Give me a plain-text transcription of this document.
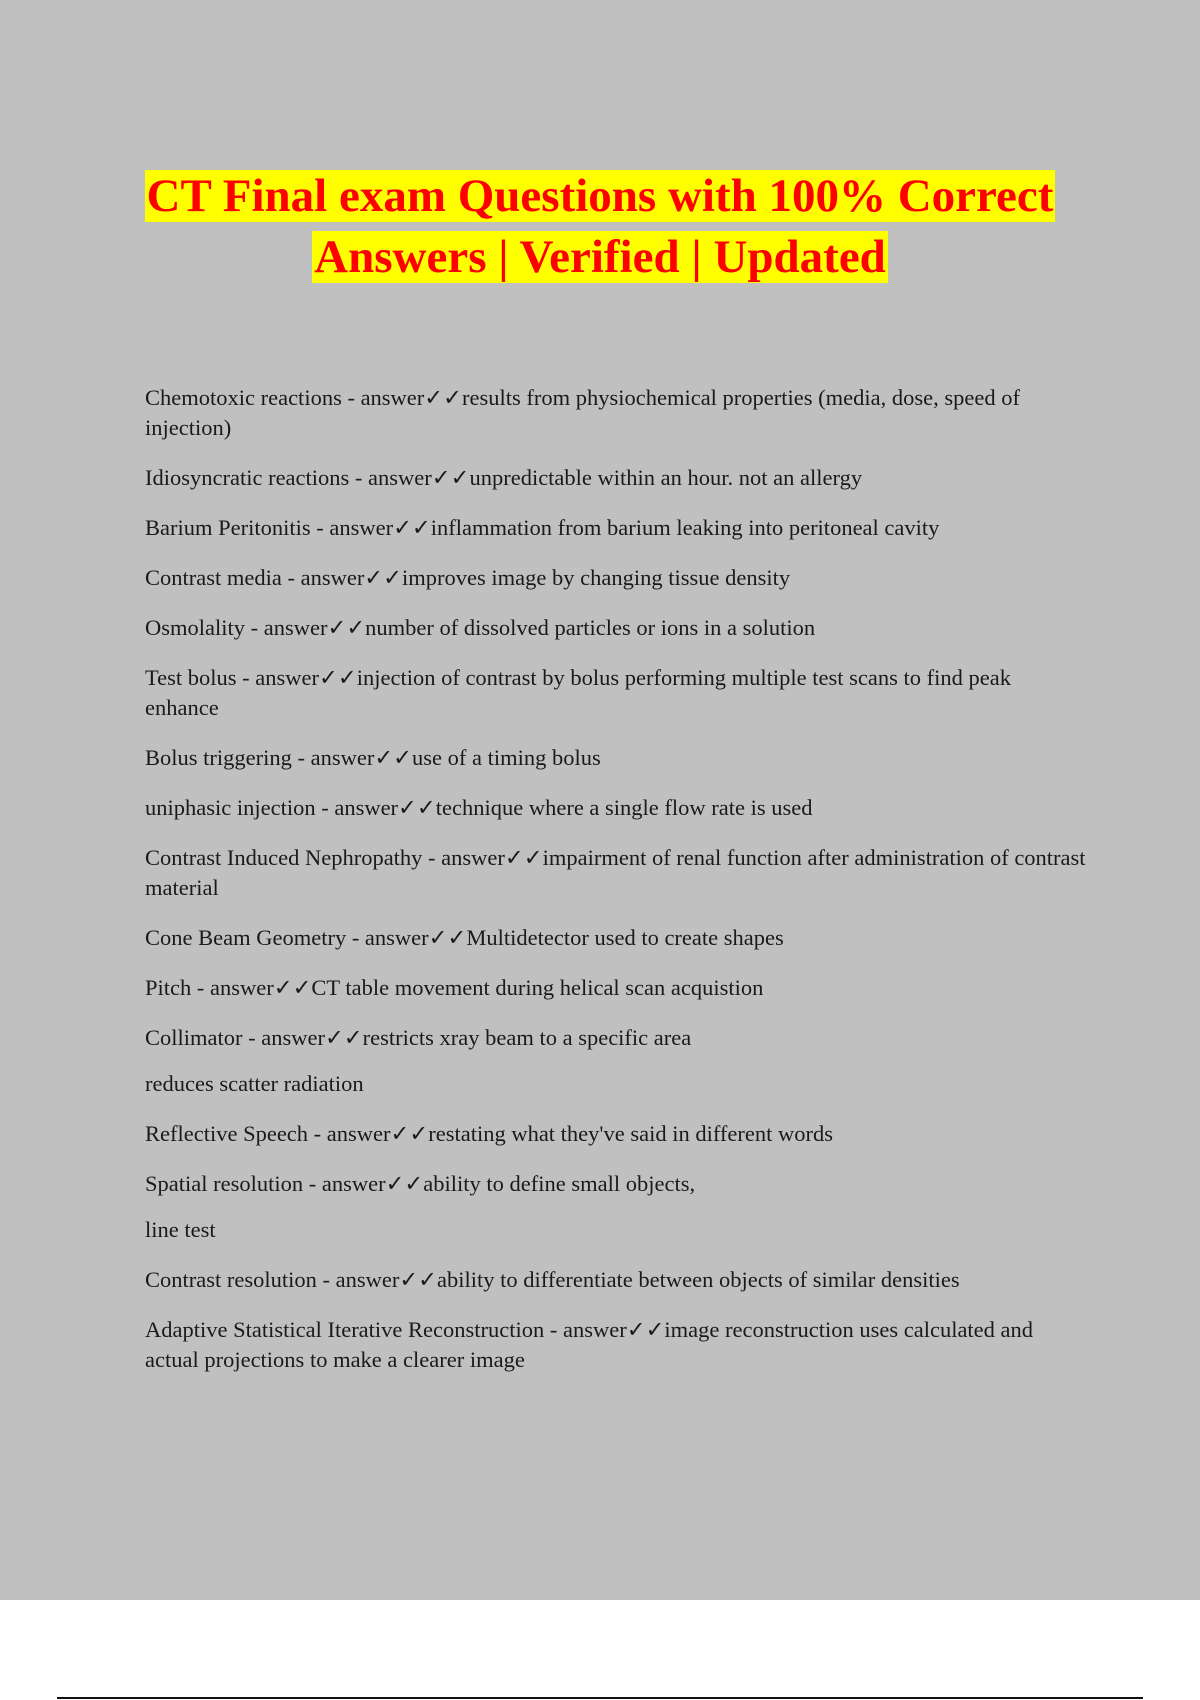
CT Final exam Questions with 100% Correct
Answers | Verified | Updated
Chemotoxic reactions - answer✓✓results from physiochemical properties (media, dose, speed of injection)
Idiosyncratic reactions - answer✓✓unpredictable within an hour. not an allergy
Barium Peritonitis - answer✓✓inflammation from barium leaking into peritoneal cavity
Contrast media - answer✓✓improves image by changing tissue density
Osmolality - answer✓✓number of dissolved particles or ions in a solution
Test bolus - answer✓✓injection of contrast by bolus performing multiple test scans to find peak enhance
Bolus triggering - answer✓✓use of a timing bolus
uniphasic injection - answer✓✓technique where a single flow rate is used
Contrast Induced Nephropathy - answer✓✓impairment of renal function after administration of contrast material
Cone Beam Geometry - answer✓✓Multidetector used to create shapes
Pitch - answer✓✓CT table movement during helical scan acquistion
Collimator - answer✓✓restricts xray beam to a specific area
reduces scatter radiation
Reflective Speech - answer✓✓restating what they've said in different words
Spatial resolution - answer✓✓ability to define small objects,
line test
Contrast resolution - answer✓✓ability to differentiate between objects of similar densities
Adaptive Statistical Iterative Reconstruction - answer✓✓image reconstruction uses calculated and actual projections to make a clearer image
